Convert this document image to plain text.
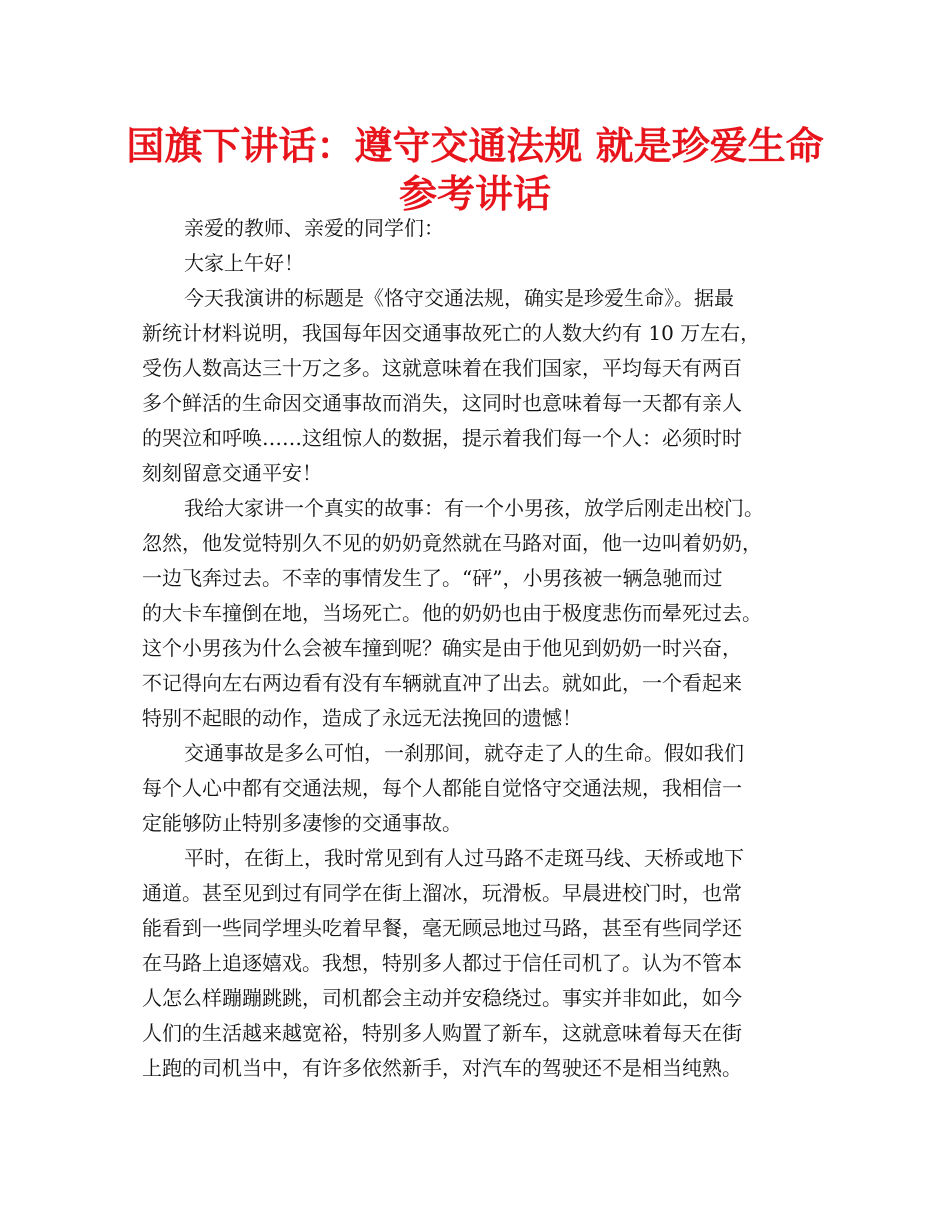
国旗下讲话：遵守交通法规 就是珍爱生命
参考讲话
亲爱的教师、亲爱的同学们：
大家上午好！
今天我演讲的标题是《恪守交通法规，确实是珍爱生命》。据最
新统计材料说明，我国每年因交通事故死亡的人数大约有 10 万左右，
受伤人数高达三十万之多。这就意味着在我们国家，平均每天有两百
多个鲜活的生命因交通事故而消失，这同时也意味着每一天都有亲人
的哭泣和呼唤……这组惊人的数据，提示着我们每一个人：必须时时
刻刻留意交通平安！
我给大家讲一个真实的故事：有一个小男孩，放学后刚走出校门。
忽然，他发觉特别久不见的奶奶竟然就在马路对面，他一边叫着奶奶，
一边飞奔过去。不幸的事情发生了。“砰”，小男孩被一辆急驰而过
的大卡车撞倒在地，当场死亡。他的奶奶也由于极度悲伤而晕死过去。
这个小男孩为什么会被车撞到呢？确实是由于他见到奶奶一时兴奋，
不记得向左右两边看有没有车辆就直冲了出去。就如此，一个看起来
特别不起眼的动作，造成了永远无法挽回的遗憾！
交通事故是多么可怕，一刹那间，就夺走了人的生命。假如我们
每个人心中都有交通法规，每个人都能自觉恪守交通法规，我相信一
定能够防止特别多凄惨的交通事故。
平时，在街上，我时常见到有人过马路不走斑马线、天桥或地下
通道。甚至见到过有同学在街上溜冰，玩滑板。早晨进校门时，也常
能看到一些同学埋头吃着早餐，毫无顾忌地过马路，甚至有些同学还
在马路上追逐嬉戏。我想，特别多人都过于信任司机了。认为不管本
人怎么样蹦蹦跳跳，司机都会主动并安稳绕过。事实并非如此，如今
人们的生活越来越宽裕，特别多人购置了新车，这就意味着每天在街
上跑的司机当中，有许多依然新手，对汽车的驾驶还不是相当纯熟。
